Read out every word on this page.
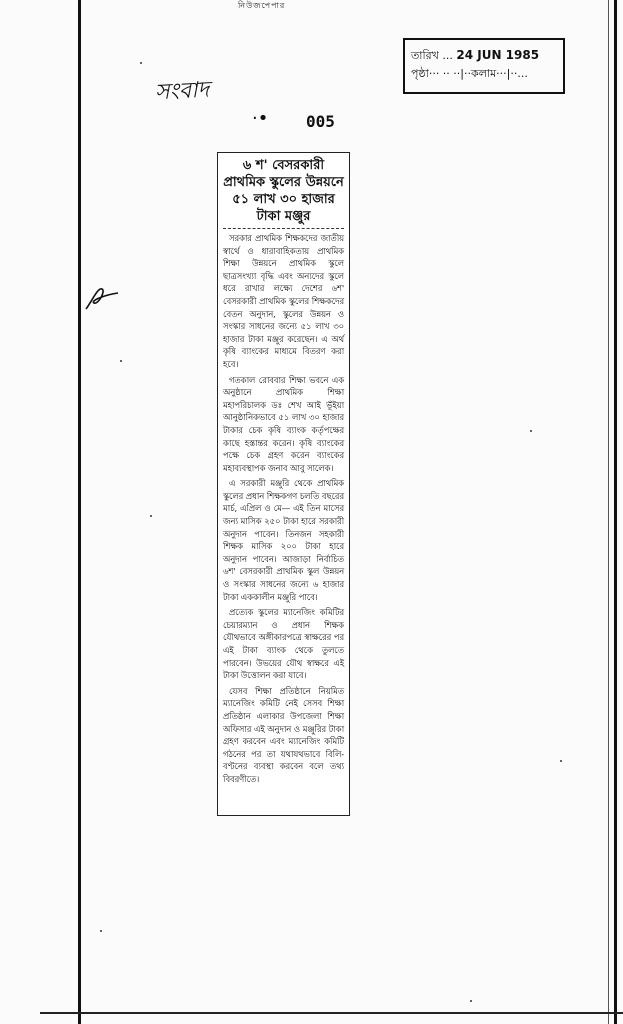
নিউজপেপার
তারিখ ... 24 JUN 1985
পৃষ্ঠা··· ·· ··|··কলাম···|··...
সংবাদ
·• 005
৬ শ' বেসরকারী প্রাথমিক স্কুলের উন্নয়নে ৫১ লাখ ৩০ হাজার টাকা মঞ্জুর

সরকার প্রাথমিক শিক্ষকদের জাতীয় স্বার্থে ও ধারাবাহিকতায় প্রাথমিক শিক্ষা উন্নয়নে প্রাথমিক স্কুলে ছাত্রসংখ্যা বৃদ্ধি এবং অন্যদের স্কুলে ধরে রাখার লক্ষ্যে দেশের ৬শ' বেসরকারী প্রাথমিক স্কুলের শিক্ষকদের বেতন অনুদান, স্কুলের উন্নয়ন ও সংস্কার সাধনের জন্যে ৫১ লাখ ৩০ হাজার টাকা মঞ্জুর করেছেন। এ অর্থ কৃষি ব্যাংকের মাধ্যমে বিতরণ করা হবে।

গতকাল রোববার শিক্ষা ভবনে এক অনুষ্ঠানে প্রাথমিক শিক্ষা মহাপরিচালক ডঃ শেখ আই ভূঁইয়া আনুষ্ঠানিকভাবে ৫১ লাখ ৩০ হাজার টাকার চেক কৃষি ব্যাংক কর্তৃপক্ষের কাছে হস্তান্তর করেন। কৃষি ব্যাংকের পক্ষে চেক গ্রহণ করেন ব্যাংকের মহাব্যবস্থাপক জনাব আবু সালেক।

এ সরকারী মঞ্জুরি থেকে প্রাথমিক স্কুলের প্রধান শিক্ষকগণ চলতি বছরের মার্চ, এপ্রিল ও মে— এই তিন মাসের জন্য মাসিক ২৫০ টাকা হারে সরকারী অনুদান পাবেন। তিনজন সহকারী শিক্ষক মাসিক ২০০ টাকা হারে অনুদান পাবেন। আজাড়া নির্বাচিত ৬শ' বেসরকারী প্রাথমিক স্কুল উন্নয়ন ও সংস্কার সাধনের জন্যে ৬ হাজার টাকা এককালীন মঞ্জুরি পাবে।

প্রত্যেক স্কুলের ম্যানেজিং কমিটির চেয়ারম্যান ও প্রধান শিক্ষক যৌথভাবে অঙ্গীকারপত্রে স্বাক্ষরের পর এই টাকা ব্যাংক থেকে তুলতে পারবেন। উভয়ের যৌথ স্বাক্ষরে এই টাকা উত্তোলন করা যাবে।

যেসব শিক্ষা প্রতিষ্ঠানে নিয়মিত ম্যানেজিং কমিটি নেই সেসব শিক্ষা প্রতিষ্ঠান এলাকার উপজেলা শিক্ষা অফিসার এই অনুদান ও মঞ্জুরির টাকা গ্রহণ করবেন এবং ম্যানেজিং কমিটি গঠনের পর তা যথাযথভাবে বিলি-বণ্টনের ব্যবস্থা করবেন বলে তথ্য বিবরণীতে।
